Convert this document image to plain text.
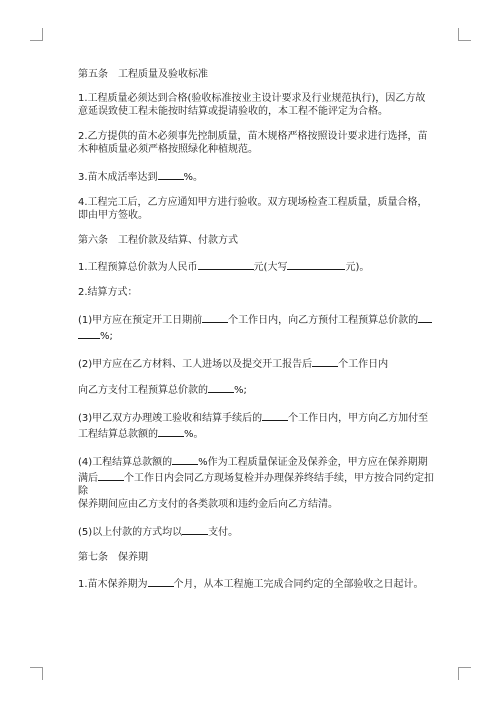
第五条　工程质量及验收标准
1.工程质量必须达到合格(验收标准按业主设计要求及行业规范执行)，因乙方故
意延误致使工程未能按时结算或提请验收的，本工程不能评定为合格。
2.乙方提供的苗木必须事先控制质量，苗木规格严格按照设计要求进行选择，苗
木种植质量必须严格按照绿化种植规范。
3.苗木成活率达到	%。
4.工程完工后，乙方应通知甲方进行验收。双方现场检查工程质量，质量合格，
即由甲方签收。
第六条　工程价款及结算、付款方式
1.工程预算总价款为人民币	元(大写	元)。
2.结算方式：
(1)甲方应在预定开工日期前	个工作日内，向乙方预付工程预算总价款的
%;
(2)甲方应在乙方材料、工人进场以及提交开工报告后	个工作日内
向乙方支付工程预算总价款的	%;
(3)甲乙双方办理竣工验收和结算手续后的	个工作日内，甲方向乙方加付至
工程结算总款额的	%。
(4)工程结算总款额的	%作为工程质量保证金及保养金，甲方应在保养期期
满后	个工作日内会同乙方现场复检并办理保养终结手续，甲方按合同约定扣除
保养期间应由乙方支付的各类款项和违约金后向乙方结清。
(5)以上付款的方式均以	支付。
第七条　保养期
1.苗木保养期为	个月，从本工程施工完成合同约定的全部验收之日起计。
